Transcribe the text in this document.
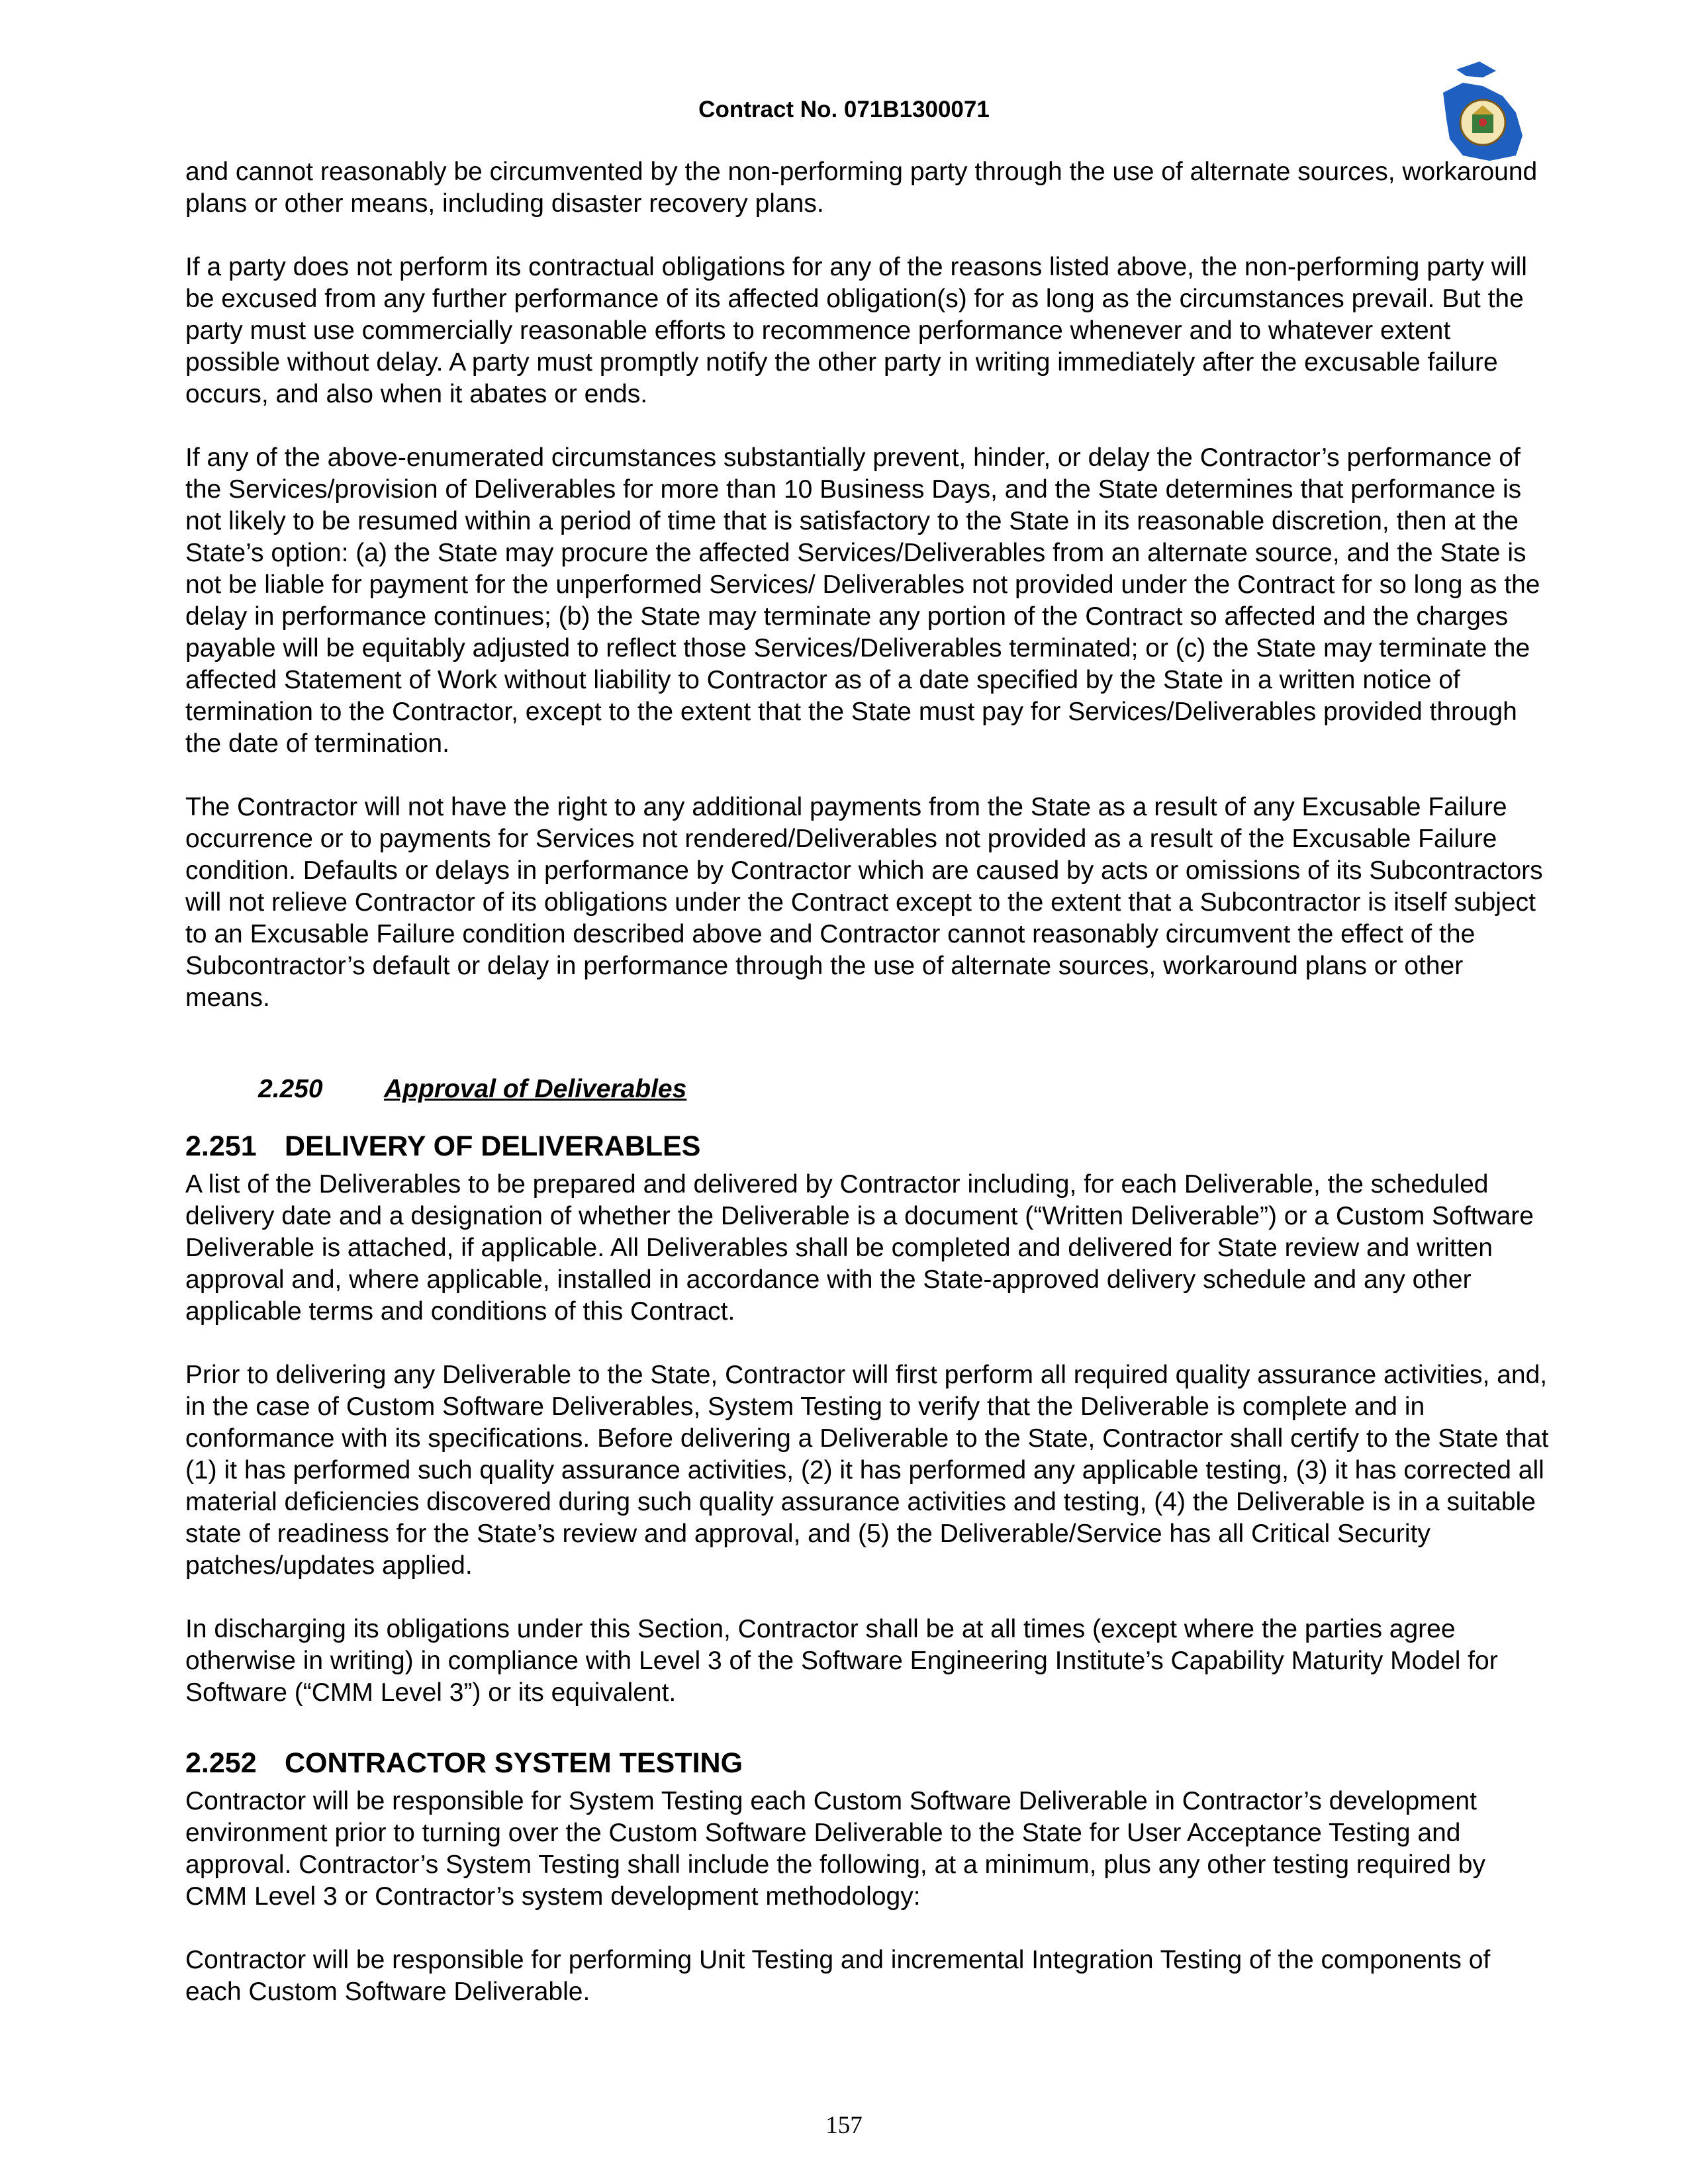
Contract No. 071B1300071

and cannot reasonably be circumvented by the non-performing party through the use of alternate sources, workaround plans or other means, including disaster recovery plans.

If a party does not perform its contractual obligations for any of the reasons listed above, the non-performing party will be excused from any further performance of its affected obligation(s) for as long as the circumstances prevail. But the party must use commercially reasonable efforts to recommence performance whenever and to whatever extent possible without delay. A party must promptly notify the other party in writing immediately after the excusable failure occurs, and also when it abates or ends.

If any of the above-enumerated circumstances substantially prevent, hinder, or delay the Contractor’s performance of the Services/provision of Deliverables for more than 10 Business Days, and the State determines that performance is not likely to be resumed within a period of time that is satisfactory to the State in its reasonable discretion, then at the State’s option: (a) the State may procure the affected Services/Deliverables from an alternate source, and the State is not be liable for payment for the unperformed Services/ Deliverables not provided under the Contract for so long as the delay in performance continues; (b) the State may terminate any portion of the Contract so affected and the charges payable will be equitably adjusted to reflect those Services/Deliverables terminated; or (c) the State may terminate the affected Statement of Work without liability to Contractor as of a date specified by the State in a written notice of termination to the Contractor, except to the extent that the State must pay for Services/Deliverables provided through the date of termination.

The Contractor will not have the right to any additional payments from the State as a result of any Excusable Failure occurrence or to payments for Services not rendered/Deliverables not provided as a result of the Excusable Failure condition. Defaults or delays in performance by Contractor which are caused by acts or omissions of its Subcontractors will not relieve Contractor of its obligations under the Contract except to the extent that a Subcontractor is itself subject to an Excusable Failure condition described above and Contractor cannot reasonably circumvent the effect of the Subcontractor’s default or delay in performance through the use of alternate sources, workaround plans or other means.

2.250 Approval of Deliverables
2.251 DELIVERY OF DELIVERABLES

A list of the Deliverables to be prepared and delivered by Contractor including, for each Deliverable, the scheduled delivery date and a designation of whether the Deliverable is a document (“Written Deliverable”) or a Custom Software Deliverable is attached, if applicable. All Deliverables shall be completed and delivered for State review and written approval and, where applicable, installed in accordance with the State-approved delivery schedule and any other applicable terms and conditions of this Contract.

Prior to delivering any Deliverable to the State, Contractor will first perform all required quality assurance activities, and, in the case of Custom Software Deliverables, System Testing to verify that the Deliverable is complete and in conformance with its specifications. Before delivering a Deliverable to the State, Contractor shall certify to the State that (1) it has performed such quality assurance activities, (2) it has performed any applicable testing, (3) it has corrected all material deficiencies discovered during such quality assurance activities and testing, (4) the Deliverable is in a suitable state of readiness for the State’s review and approval, and (5) the Deliverable/Service has all Critical Security patches/updates applied.

In discharging its obligations under this Section, Contractor shall be at all times (except where the parties agree otherwise in writing) in compliance with Level 3 of the Software Engineering Institute’s Capability Maturity Model for Software (“CMM Level 3”) or its equivalent.

2.252 CONTRACTOR SYSTEM TESTING

Contractor will be responsible for System Testing each Custom Software Deliverable in Contractor’s development environment prior to turning over the Custom Software Deliverable to the State for User Acceptance Testing and approval. Contractor’s System Testing shall include the following, at a minimum, plus any other testing required by CMM Level 3 or Contractor’s system development methodology:

Contractor will be responsible for performing Unit Testing and incremental Integration Testing of the components of each Custom Software Deliverable.

157
